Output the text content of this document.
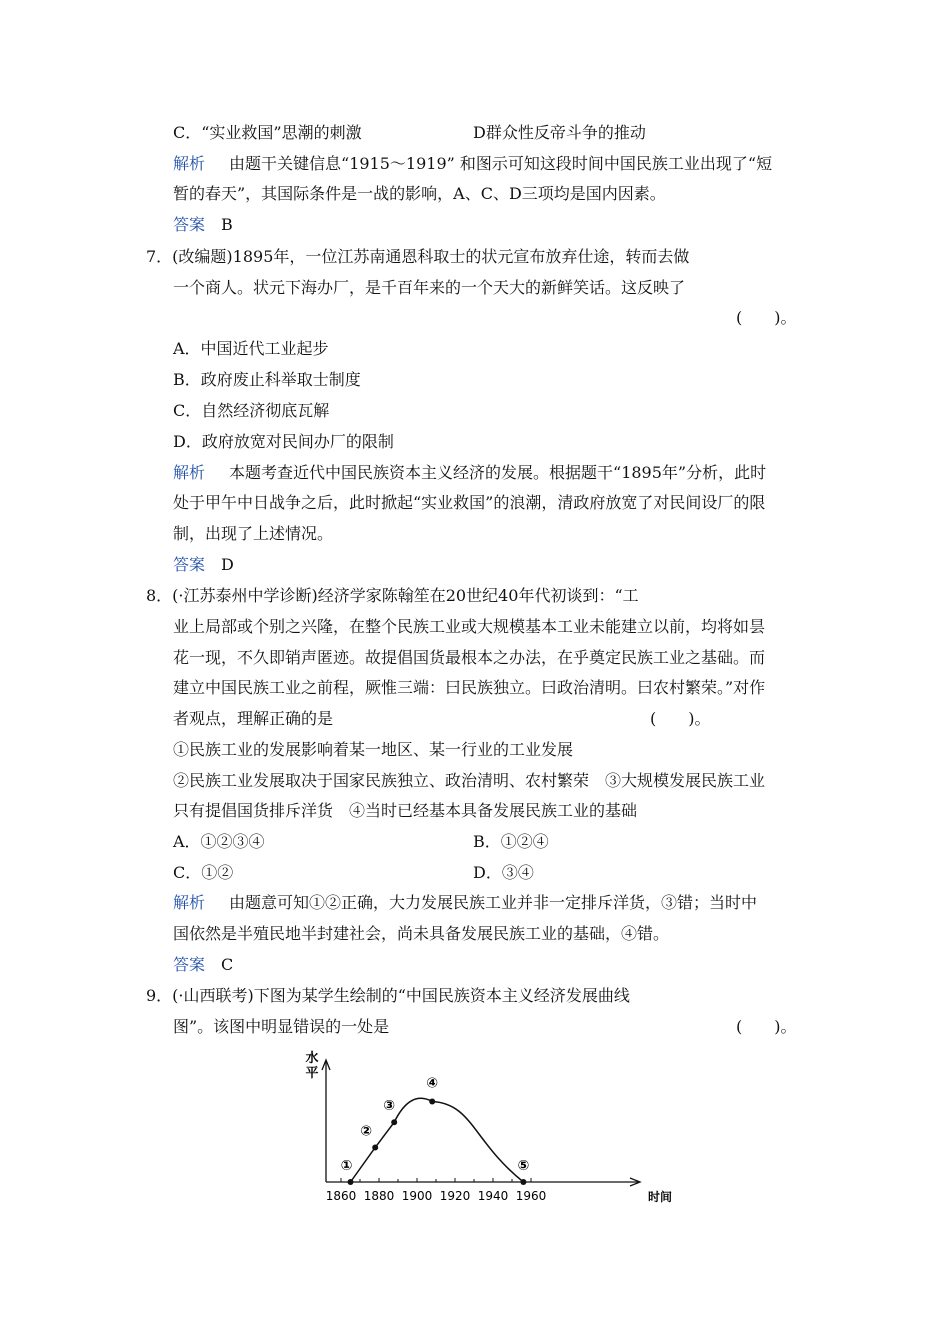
C．“实业救国”思潮的刺激	D群众性反帝斗争的推动
解析 由题干关键信息“1915～1919” 和图示可知这段时间中国民族工业出现了“短
暂的春天”，其国际条件是一战的影响，A、C、D三项均是国内因素。
答案 B
7．(改编题)1895年，一位江苏南通恩科取士的状元宣布放弃仕途，转而去做
一个商人。状元下海办厂，是千百年来的一个天大的新鲜笑话。这反映了
(　　)。
A．中国近代工业起步
B．政府废止科举取士制度
C．自然经济彻底瓦解
D．政府放宽对民间办厂的限制
解析 本题考查近代中国民族资本主义经济的发展。根据题干“1895年”分析，此时
处于甲午中日战争之后，此时掀起“实业救国”的浪潮，清政府放宽了对民间设厂的限
制，出现了上述情况。
答案 D
8．(·江苏泰州中学诊断)经济学家陈翰笙在20世纪40年代初谈到：“工
业上局部或个别之兴隆，在整个民族工业或大规模基本工业未能建立以前，均将如昙
花一现，不久即销声匿迹。故提倡国货最根本之办法，在乎奠定民族工业之基础。而
建立中国民族工业之前程，厥惟三端：曰民族独立。曰政治清明。曰农村繁荣。”对作
者观点，理解正确的是	(　　)。
①民族工业的发展影响着某一地区、某一行业的工业发展
②民族工业发展取决于国家民族独立、政治清明、农村繁荣　③大规模发展民族工业
只有提倡国货排斥洋货　④当时已经基本具备发展民族工业的基础
A．①②③④	B．①②④
C．①②	D．③④
解析 由题意可知①②正确，大力发展民族工业并非一定排斥洋货，③错；当时中
国依然是半殖民地半封建社会，尚未具备发展民族工业的基础，④错。
答案 C
9．(·山西联考)下图为某学生绘制的“中国民族资本主义经济发展曲线
图”。该图中明显错误的一处是	(　　)。
水
平
时间
1860 1880 1900 1920 1940 1960
①
②
③
④
⑤
